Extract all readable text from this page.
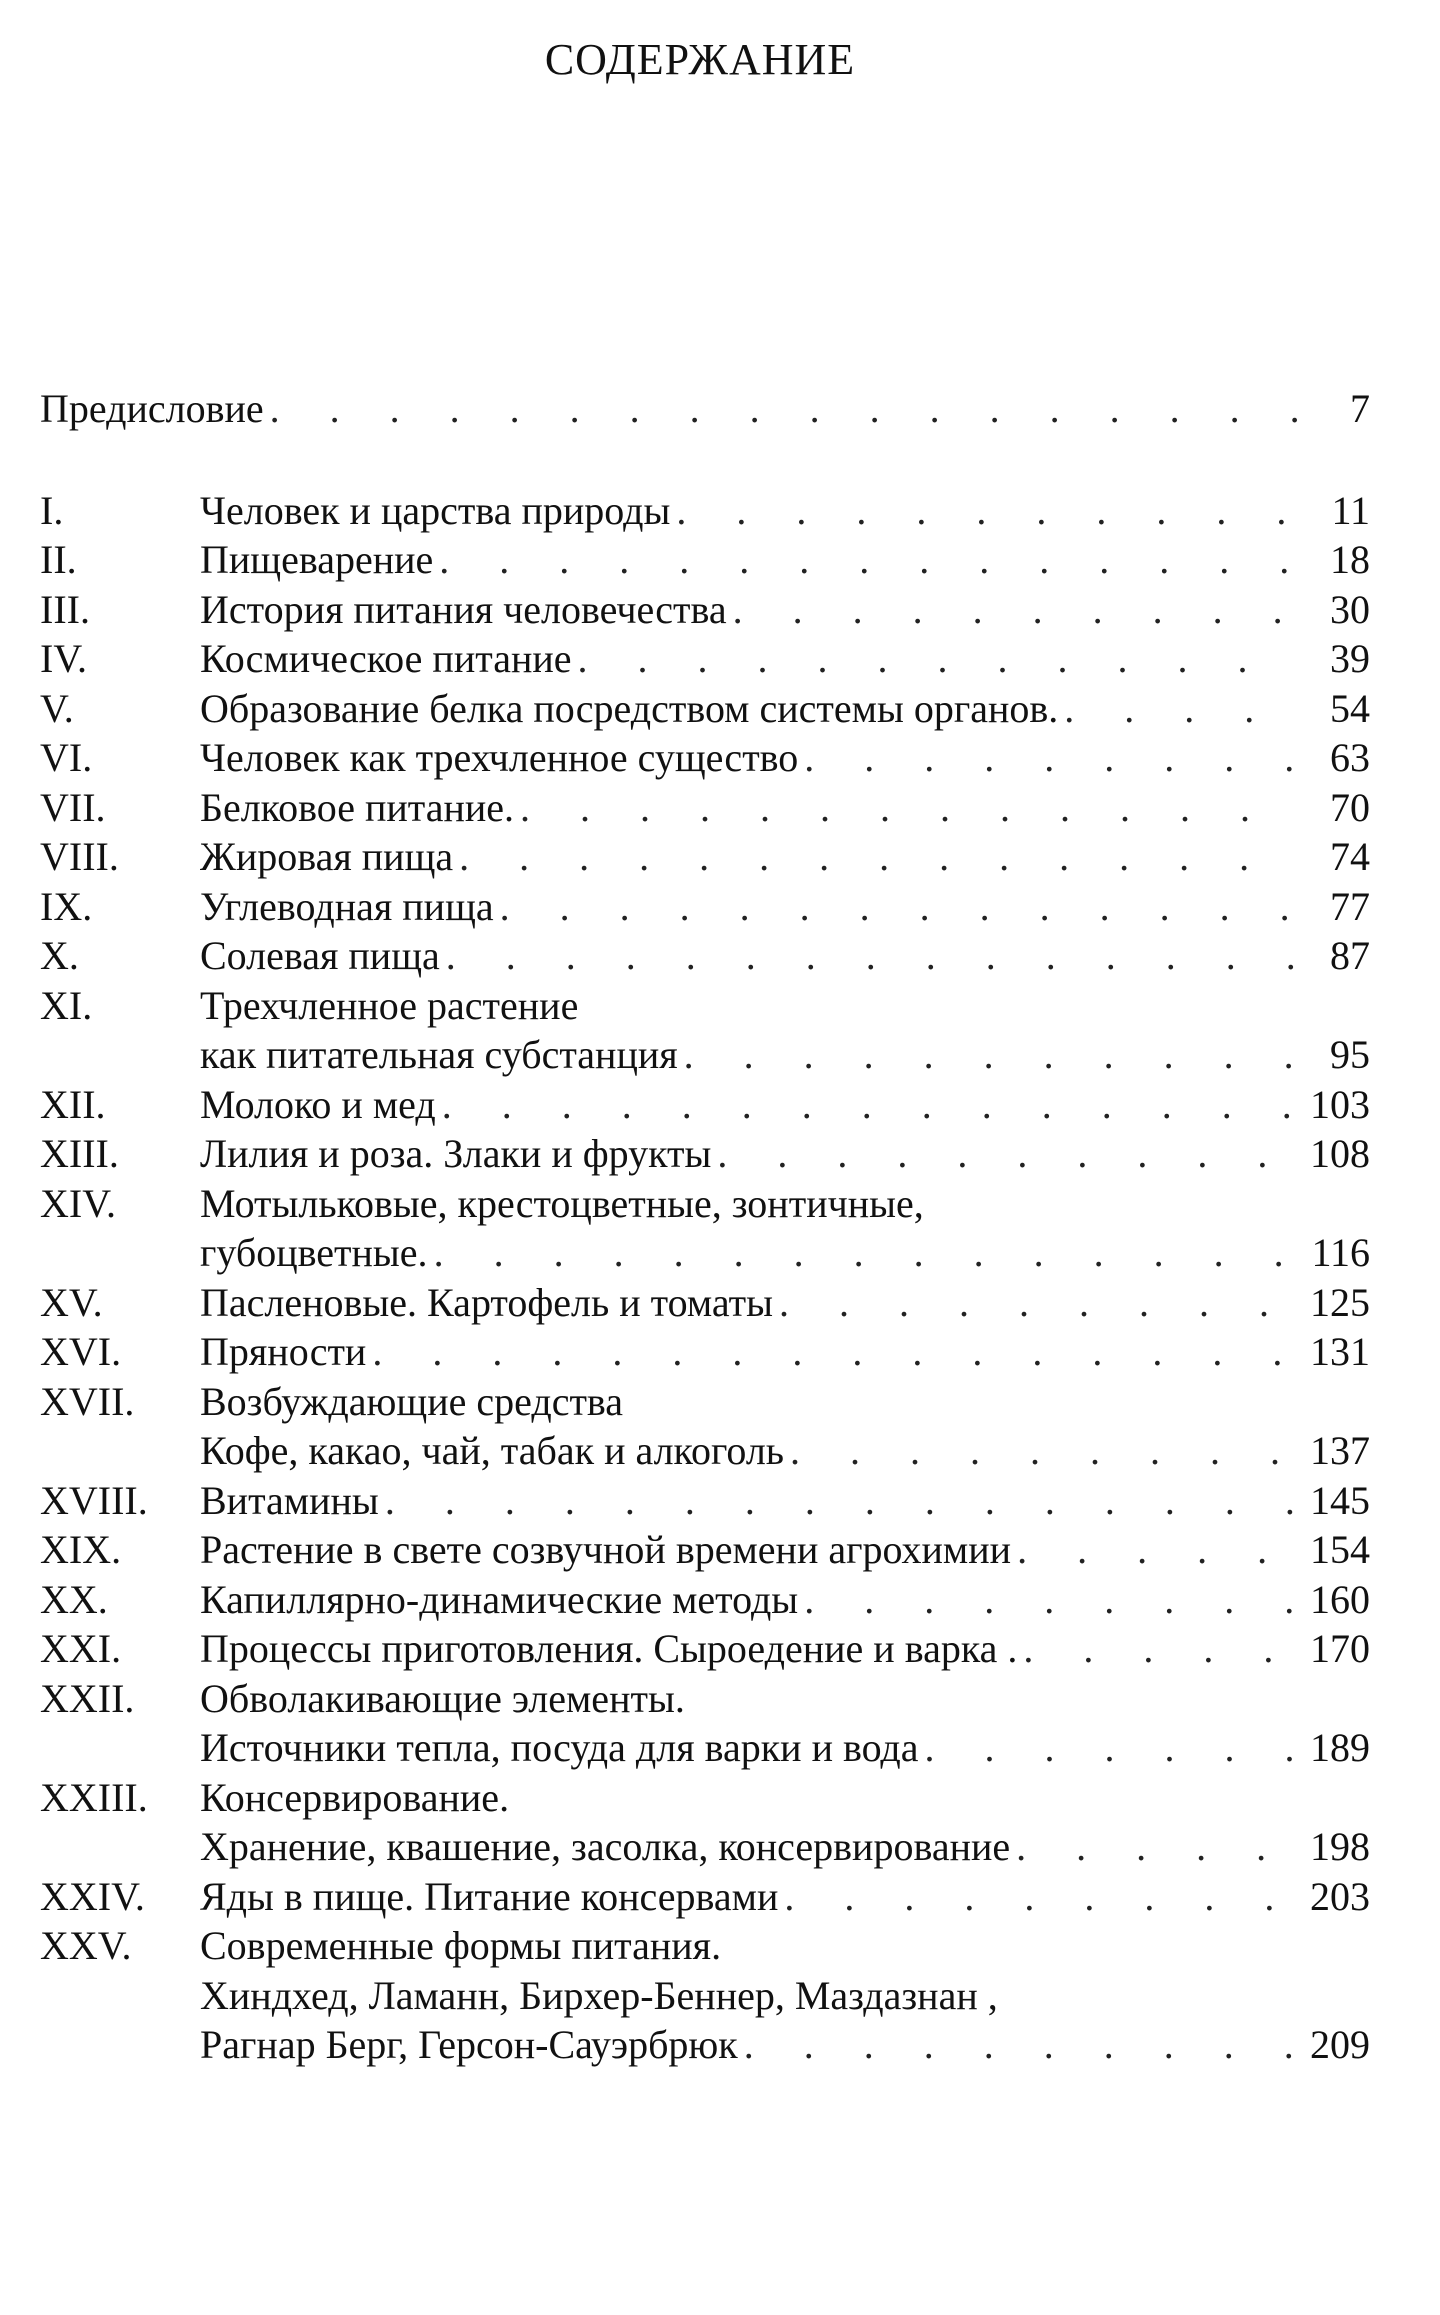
СОДЕРЖАНИЕ
Предисловие . . .	7
I.	Человек и царства природы . . .	11
II.	Пищеварение . . .	18
III.	История питания человечества . . .	30
IV.	Космическое питание . . .	39
V.	Образование белка посредством системы органов. . . .	54
VI.	Человек как трехчленное существо . . .	63
VII.	Белковое питание. . . .	70
VIII.	Жировая пища . . .	74
IX.	Углеводная пища . . .	77
X.	Солевая пища . . .	87
XI.	Трехчленное растение
как питательная субстанция . . .	95
XII.	Молоко и мед . . .	103
XIII.	Лилия и роза. Злаки и фрукты . . .	108
XIV.	Мотыльковые, крестоцветные, зонтичные,
губоцветные. . . .	116
XV.	Пасленовые. Картофель и томаты . . .	125
XVI.	Пряности . . .	131
XVII.	Возбуждающие средства
Кофе, какао, чай, табак и алкоголь . . .	137
XVIII.	Витамины . . .	145
XIX.	Растение в свете созвучной времени агрохимии . . .	154
XX.	Капиллярно-динамические методы . . .	160
XXI.	Процессы приготовления. Сыроедение и варка . . . .	170
XXII.	Обволакивающие элементы.
Источники тепла, посуда для варки и вода . . .	189
XXIII.	Консервирование.
Хранение, квашение, засолка, консервирование . . .	198
XXIV.	Яды в пище. Питание консервами . . .	203
XXV.	Современные формы питания.
Хиндхед, Ламанн, Бирхер-Беннер, Маздазнан ,
Рагнар Берг, Герсон-Сауэрбрюк . . .	209
